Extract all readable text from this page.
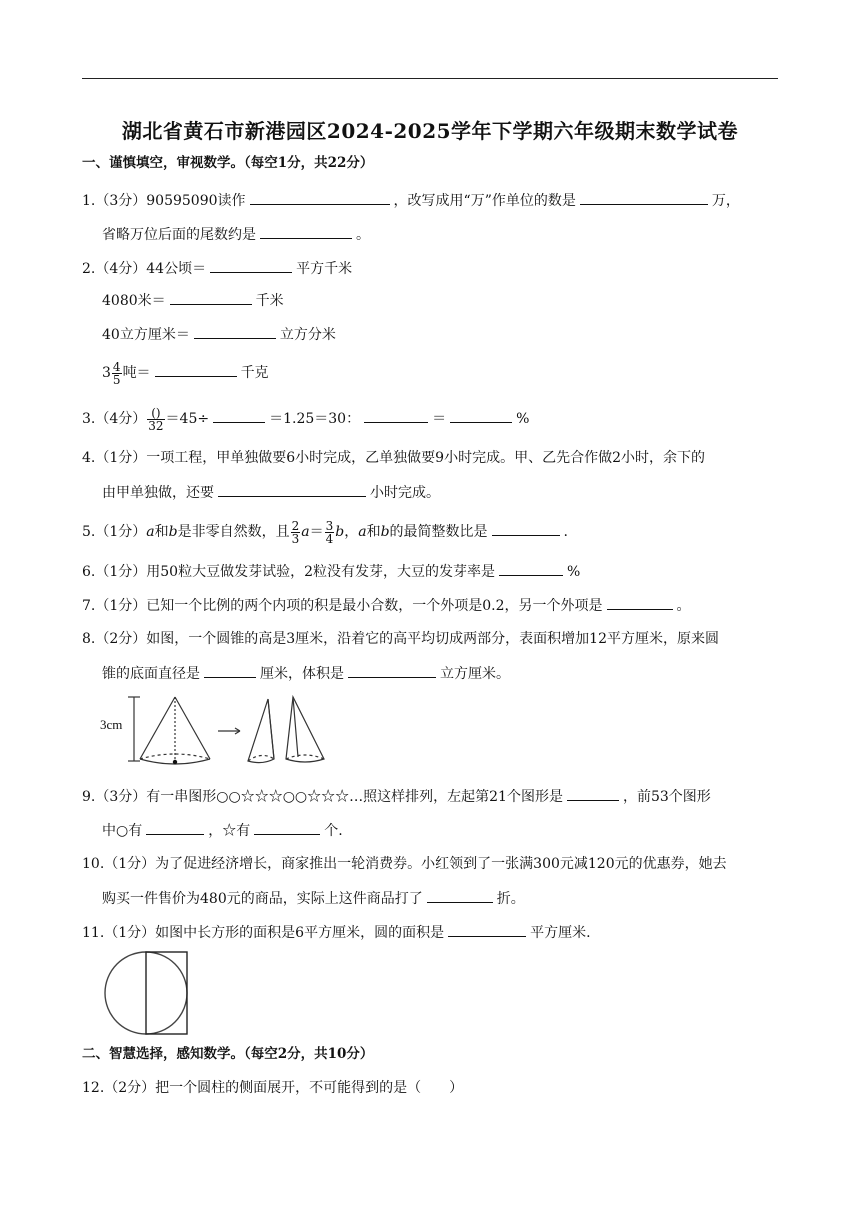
湖北省黄石市新港园区2024-2025学年下学期六年级期末数学试卷
一、谨慎填空，审视数学。（每空1分，共22分）
1.（3分）90595090读作	，改写成用“万”作单位的数是	万，
省略万位后面的尾数约是	。
2.（4分）44公顷＝	平方千米
4080米＝	千米
40立方厘米＝	立方分米
$3 \frac{4}{5}$ 吨＝	千克
3.（4分） $\frac{()}{32} =45\div$	＝1.25＝30：	＝	%
4.（1分）一项工程，甲单独做要6小时完成，乙单独做要9小时完成。甲、乙先合作做2小时，余下的
由甲单独做，还要	小时完成。
5.（1分）a和b是非零自然数，且 $\frac{2}{3} a= \frac{3}{4}$ b，a和b的最简整数比是	.
6.（1分）用50粒大豆做发芽试验，2粒没有发芽，大豆的发芽率是	%
7.（1分）已知一个比例的两个内项的积是最小合数，一个外项是0.2，另一个外项是	。
8.（2分）如图，一个圆锥的高是3厘米，沿着它的高平均切成两部分，表面积增加12平方厘米，原来圆
锥的底面直径是	厘米，体积是	立方厘米。
3cm
9.（3分）有一串图形○○☆☆☆○○☆☆☆…照这样排列，左起第21个图形是	，前53个图形
中○有	，☆有	个.
10.（1分）为了促进经济增长，商家推出一轮消费券。小红领到了一张满300元减120元的优惠券，她去
购买一件售价为480元的商品，实际上这件商品打了	折。
11.（1分）如图中长方形的面积是6平方厘米，圆的面积是	平方厘米.
二、智慧选择，感知数学。（每空2分，共10分）
12.（2分）把一个圆柱的侧面展开，不可能得到的是（　　）
